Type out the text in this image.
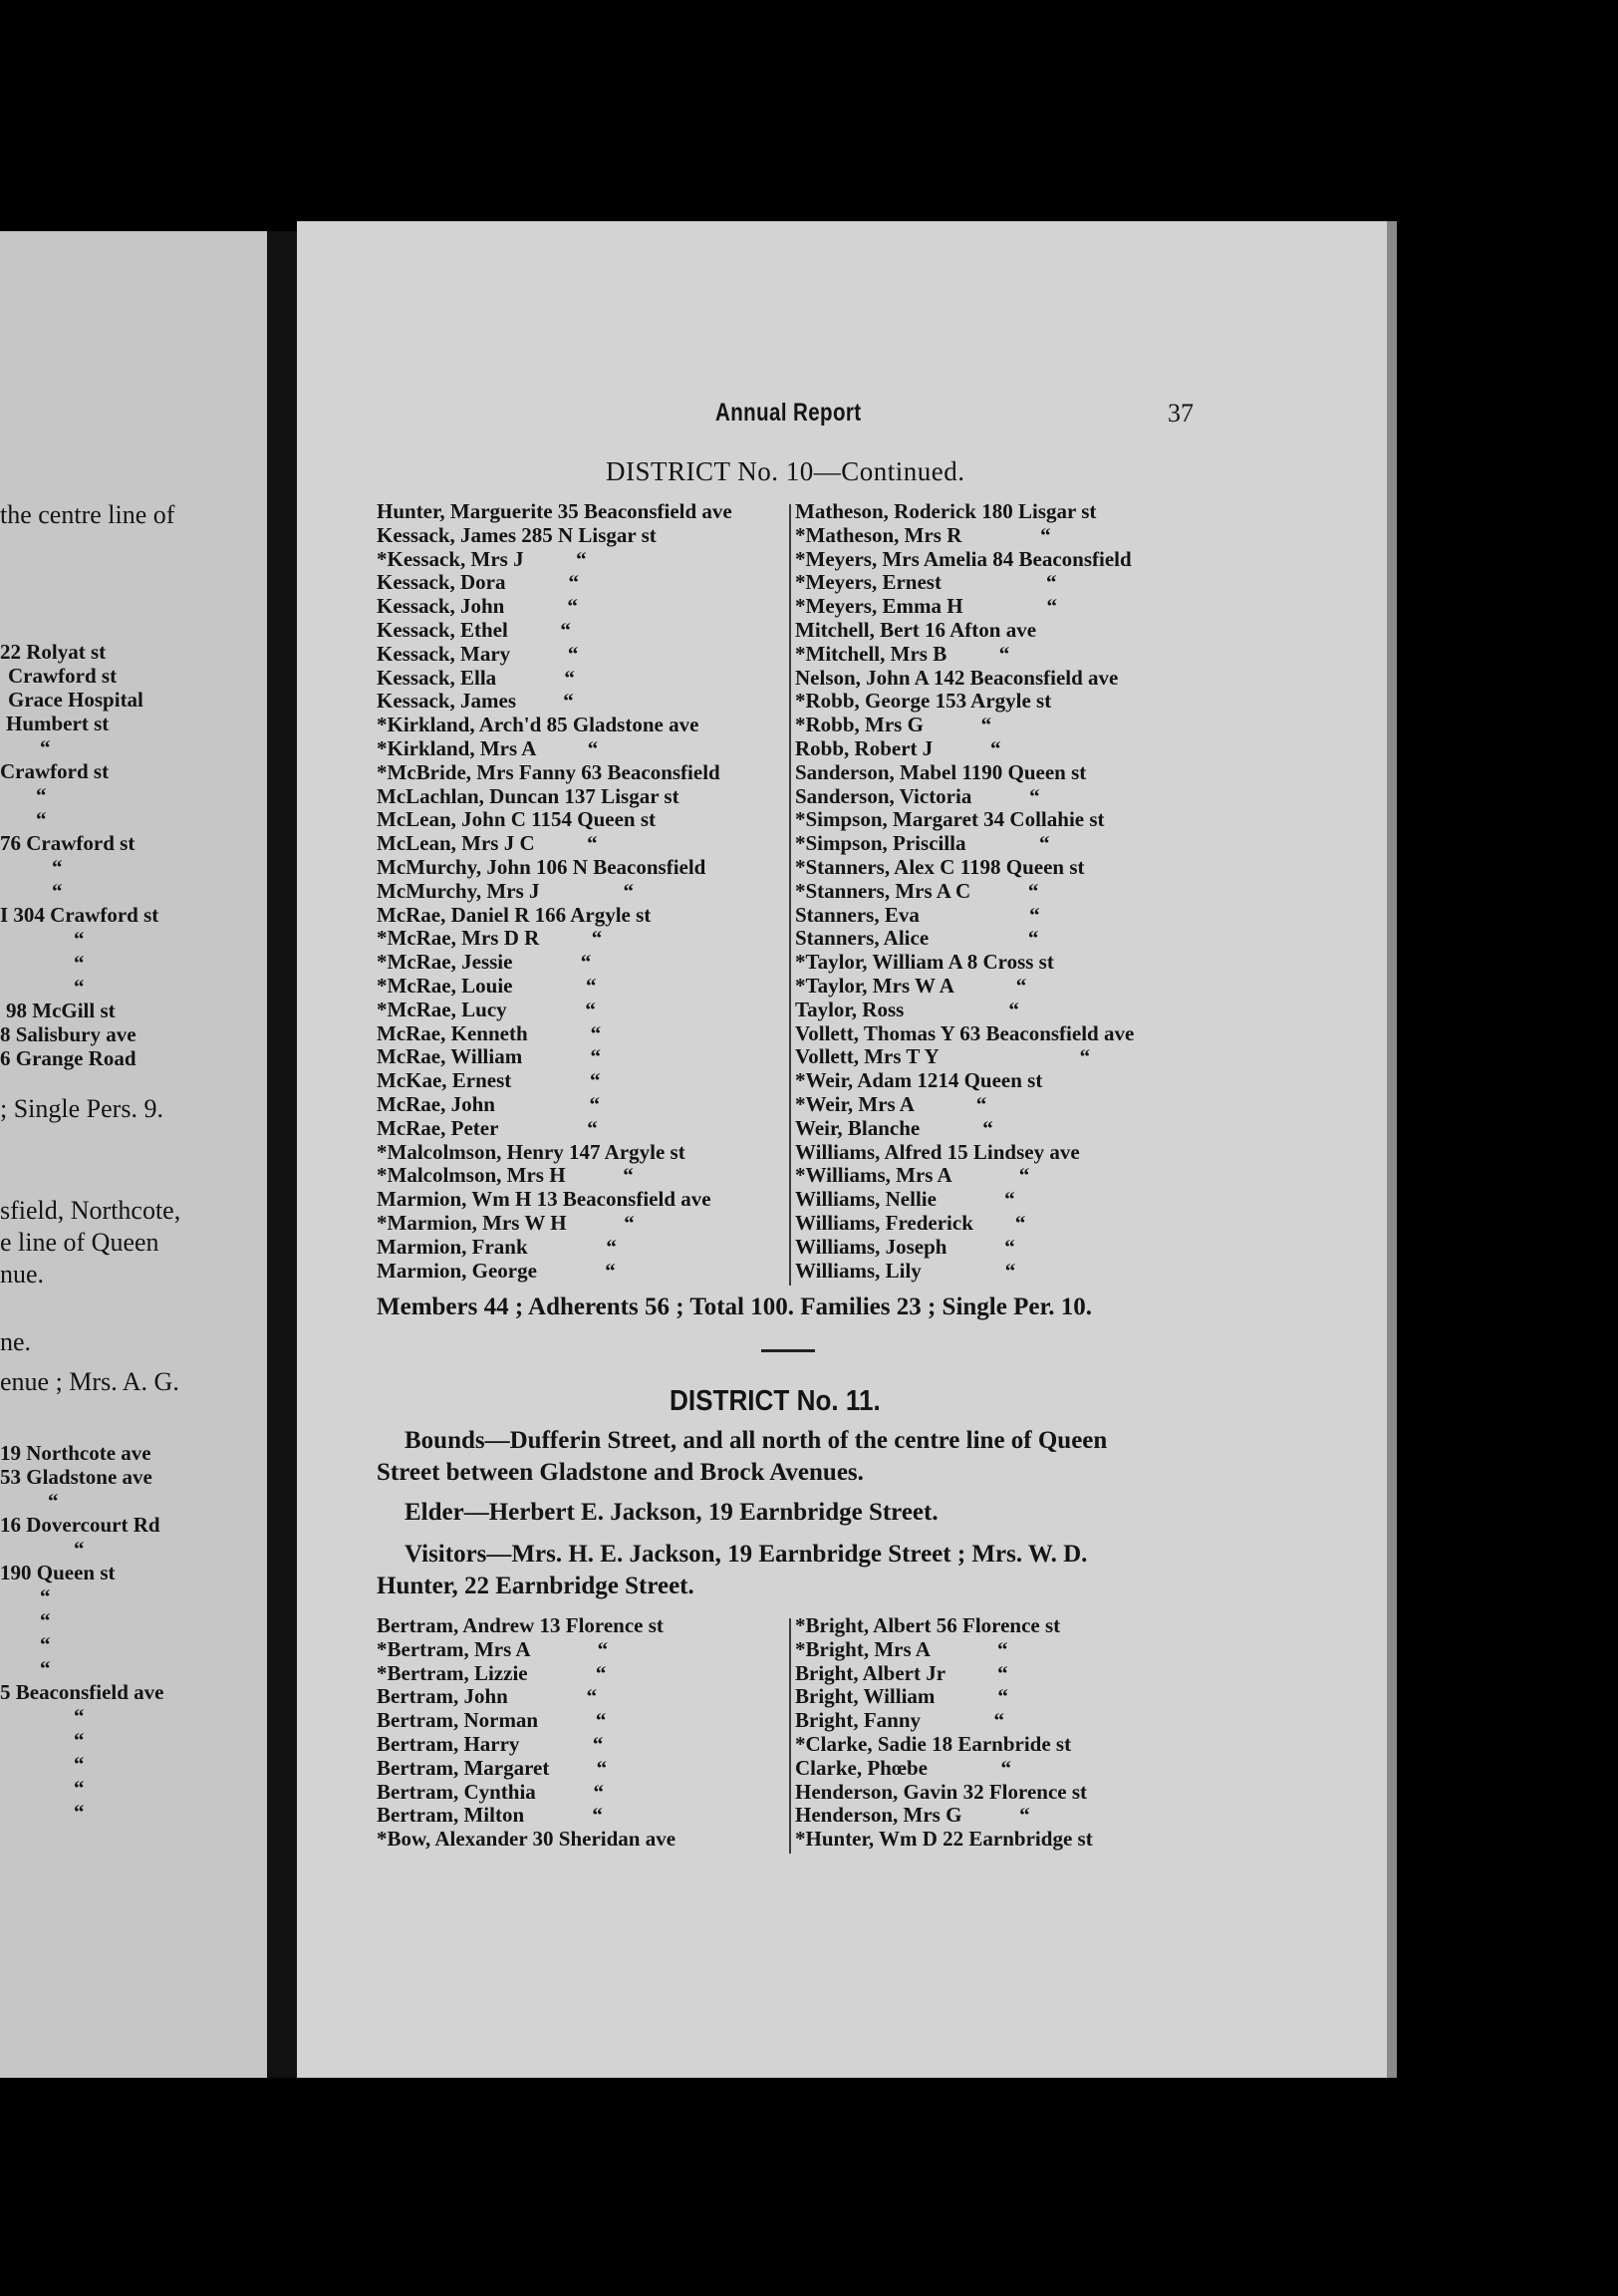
the centre line of
22 Rolyat st
Crawford st
Grace Hospital
Humbert st
“
Crawford st
“
“
76 Crawford st
“
“
I 304 Crawford st
“
“
“
98 McGill st
8 Salisbury ave
6 Grange Road
; Single Pers. 9.
sfield, Northcote,
e line of Queen
nue.
ne.
enue ; Mrs. A. G.
19 Northcote ave
53 Gladstone ave
“
16 Dovercourt Rd
“
190 Queen st
“
“
“
“
5 Beaconsfield ave
“
“
“
“
“
Annual Report	37
DISTRICT No. 10—Continued.
Hunter, Marguerite 35 Beaconsfield ave
Kessack, James 285 N Lisgar st
*Kessack, Mrs J          “
Kessack, Dora            “
Kessack, John            “
Kessack, Ethel          “
Kessack, Mary           “
Kessack, Ella             “
Kessack, James         “
*Kirkland, Arch'd 85 Gladstone ave
*Kirkland, Mrs A          “
*McBride, Mrs Fanny 63 Beaconsfield
McLachlan, Duncan 137 Lisgar st
McLean, John C 1154 Queen st
McLean, Mrs J C          “
McMurchy, John 106 N Beaconsfield
McMurchy, Mrs J                “
McRae, Daniel R 166 Argyle st
*McRae, Mrs D R          “
*McRae, Jessie             “
*McRae, Louie              “
*McRae, Lucy               “
McRae, Kenneth            “
McRae, William             “
McKae, Ernest               “
McRae, John                  “
McRae, Peter                 “
*Malcolmson, Henry 147 Argyle st
*Malcolmson, Mrs H           “
Marmion, Wm H 13 Beaconsfield ave
*Marmion, Mrs W H           “
Marmion, Frank               “
Marmion, George             “
Matheson, Roderick 180 Lisgar st
*Matheson, Mrs R               “
*Meyers, Mrs Amelia 84 Beaconsfield
*Meyers, Ernest                    “
*Meyers, Emma H                “
Mitchell, Bert 16 Afton ave
*Mitchell, Mrs B          “
Nelson, John A 142 Beaconsfield ave
*Robb, George 153 Argyle st
*Robb, Mrs G           “
Robb, Robert J           “
Sanderson, Mabel 1190 Queen st
Sanderson, Victoria           “
*Simpson, Margaret 34 Collahie st
*Simpson, Priscilla              “
*Stanners, Alex C 1198 Queen st
*Stanners, Mrs A C           “
Stanners, Eva                     “
Stanners, Alice                   “
*Taylor, William A 8 Cross st
*Taylor, Mrs W A            “
Taylor, Ross                    “
Vollett, Thomas Y 63 Beaconsfield ave
Vollett, Mrs T Y                           “
*Weir, Adam 1214 Queen st
*Weir, Mrs A            “
Weir, Blanche            “
Williams, Alfred 15 Lindsey ave
*Williams, Mrs A             “
Williams, Nellie             “
Williams, Frederick        “
Williams, Joseph           “
Williams, Lily                “
Members 44 ; Adherents 56 ; Total 100. Families 23 ; Single Per. 10.
DISTRICT No. 11.
Bounds—Dufferin Street, and all north of the centre line of Queen
Street between Gladstone and Brock Avenues.
Elder—Herbert E. Jackson, 19 Earnbridge Street.
Visitors—Mrs. H. E. Jackson, 19 Earnbridge Street ; Mrs. W. D.
Hunter, 22 Earnbridge Street.
Bertram, Andrew 13 Florence st
*Bertram, Mrs A             “
*Bertram, Lizzie             “
Bertram, John               “
Bertram, Norman           “
Bertram, Harry              “
Bertram, Margaret         “
Bertram, Cynthia           “
Bertram, Milton             “
*Bow, Alexander 30 Sheridan ave
*Bright, Albert 56 Florence st
*Bright, Mrs A             “
Bright, Albert Jr          “
Bright, William            “
Bright, Fanny              “
*Clarke, Sadie 18 Earnbride st
Clarke, Phœbe              “
Henderson, Gavin 32 Florence st
Henderson, Mrs G           “
*Hunter, Wm D 22 Earnbridge st
